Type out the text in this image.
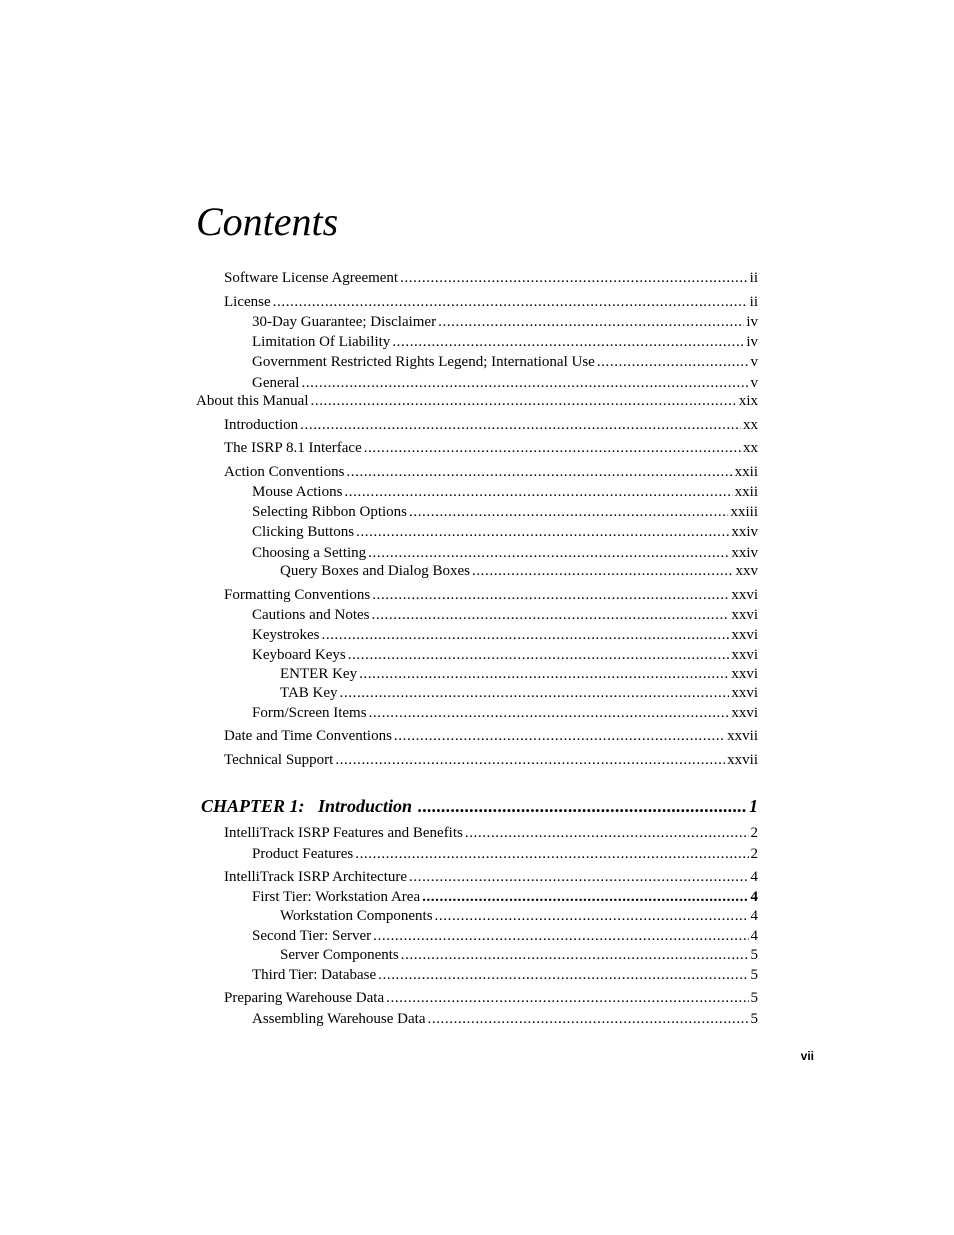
Contents
Software License Agreement .....	ii
License .....	ii
30-Day Guarantee; Disclaimer .....	iv
Limitation Of Liability .....	iv
Government Restricted Rights Legend; International Use .....	v
General .....	v
About this Manual .....	xix
Introduction .....	xx
The ISRP 8.1 Interface .....	xx
Action Conventions .....	xxii
Mouse Actions .....	xxii
Selecting Ribbon Options .....	xxiii
Clicking Buttons .....	xxiv
Choosing a Setting .....	xxiv
Query Boxes and Dialog Boxes .....	xxv
Formatting Conventions .....	xxvi
Cautions and Notes .....	xxvi
Keystrokes .....	xxvi
Keyboard Keys .....	xxvi
ENTER Key .....	xxvi
TAB Key .....	xxvi
Form/Screen Items .....	xxvi
Date and Time Conventions .....	xxvii
Technical Support .....	xxvii
CHAPTER 1:   Introduction .....	1
IntelliTrack ISRP Features and Benefits .....	2
Product Features .....	2
IntelliTrack ISRP Architecture .....	4
First Tier: Workstation Area .....	4
Workstation Components .....	4
Second Tier: Server .....	4
Server Components .....	5
Third Tier: Database .....	5
Preparing Warehouse Data .....	5
Assembling Warehouse Data .....	5
vii
